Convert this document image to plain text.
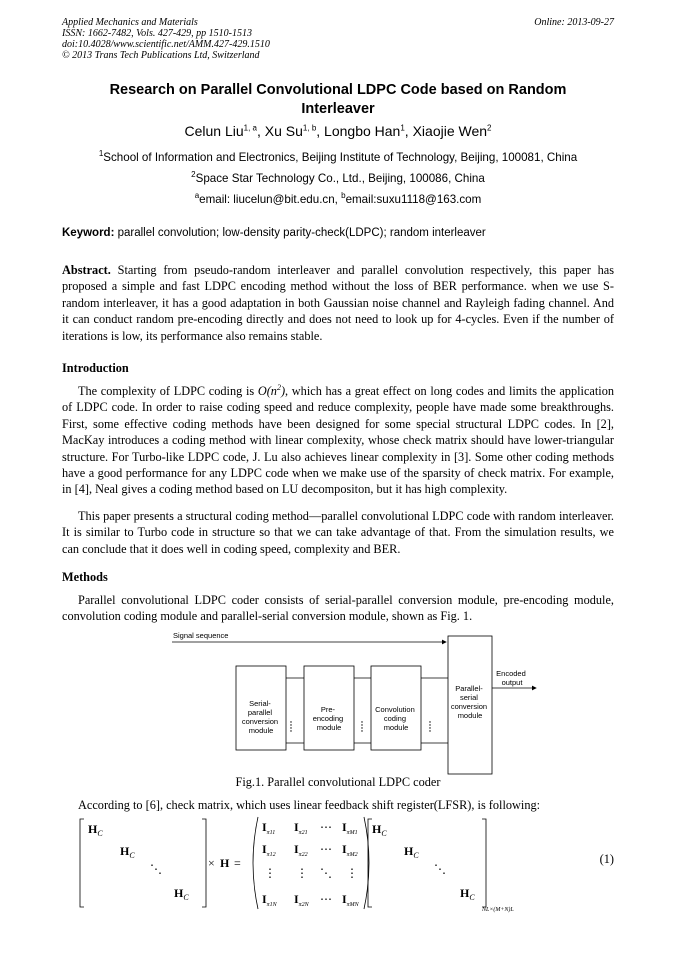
Applied Mechanics and Materials
ISSN: 1662-7482, Vols. 427-429, pp 1510-1513
doi:10.4028/www.scientific.net/AMM.427-429.1510
© 2013 Trans Tech Publications Ltd, Switzerland
Online: 2013-09-27
Research on Parallel Convolutional LDPC Code based on Random
Interleaver
Celun Liu$^{1, a}$, Xu Su$^{1, b}$, Longbo Han$^1$, Xiaojie Wen$^2$
$^1$School of Information and Electronics, Beijing Institute of Technology, Beijing, 100081, China
$^2$Space Star Technology Co., Ltd., Beijing, 100086, China
$^a$email: liucelun@bit.edu.cn, $^b$email:suxu1118@163.com
Keyword: parallel convolution; low-density parity-check(LDPC); random interleaver
Abstract. Starting from pseudo-random interleaver and parallel convolution respectively, this paper has proposed a simple and fast LDPC encoding method without the loss of BER performance. when we use S-random interleaver, it has a good adaptation in both Gaussian noise channel and Rayleigh fading channel. And it can conduct random pre-encoding directly and does not need to look up for 4-cycles. Even if the number of iterations is low, its performance also remains stable.
Introduction
The complexity of LDPC coding is $O(n^2)$, which has a great effect on long codes and limits the application of LDPC code. In order to raise coding speed and reduce complexity, people have made some breakthroughs. First, some effective coding methods have been designed for some special structural LDPC codes. In [2], MacKay introduces a coding method with linear complexity, whose check matrix should have lower-triangular structure. For Turbo-like LDPC code, J. Lu also achieves linear complexity in [3]. Some other coding methods have a good performance for any LDPC code when we make use of the sparsity of check matrix. For example, in [4], Neal gives a coding method based on LU decompositon, but it has high complexity.
This paper presents a structural coding method—parallel convolutional LDPC code with random interleaver. It is similar to Turbo code in structure so that we can take advantage of that. From the simulation results, we can conclude that it does well in coding speed, complexity and BER.
Methods
Parallel convolutional LDPC coder consists of serial-parallel conversion module, pre-encoding module, convolution coding module and parallel-serial conversion module, shown as Fig. 1.
Signal sequence
Serial- parallel conversion module
Pre- encoding module
Convolution coding module
Parallel- serial conversion module
Encoded output
Fig.1. Parallel convolutional LDPC coder
According to [6], check matrix, which uses linear feedback shift register(LFSR), is following:
$H_C$
$H_C$
⋱
$H_C$
× H =
$I_{\pi 11}$ $I_{\pi 21}$	$I_{\pi M1}$
$I_{\pi 12}$ $I_{\pi 22}$	$I_{\pi M2}$
$I_{\pi 1N}$ $I_{\pi 2N}$	$I_{\pi MN}$
⋯
⋯
⋯
⋮ ⋮ ⋱ ⋮
$H_C$
$H_C$
⋱
$H_C$
NL×(M+N)L
(1)
